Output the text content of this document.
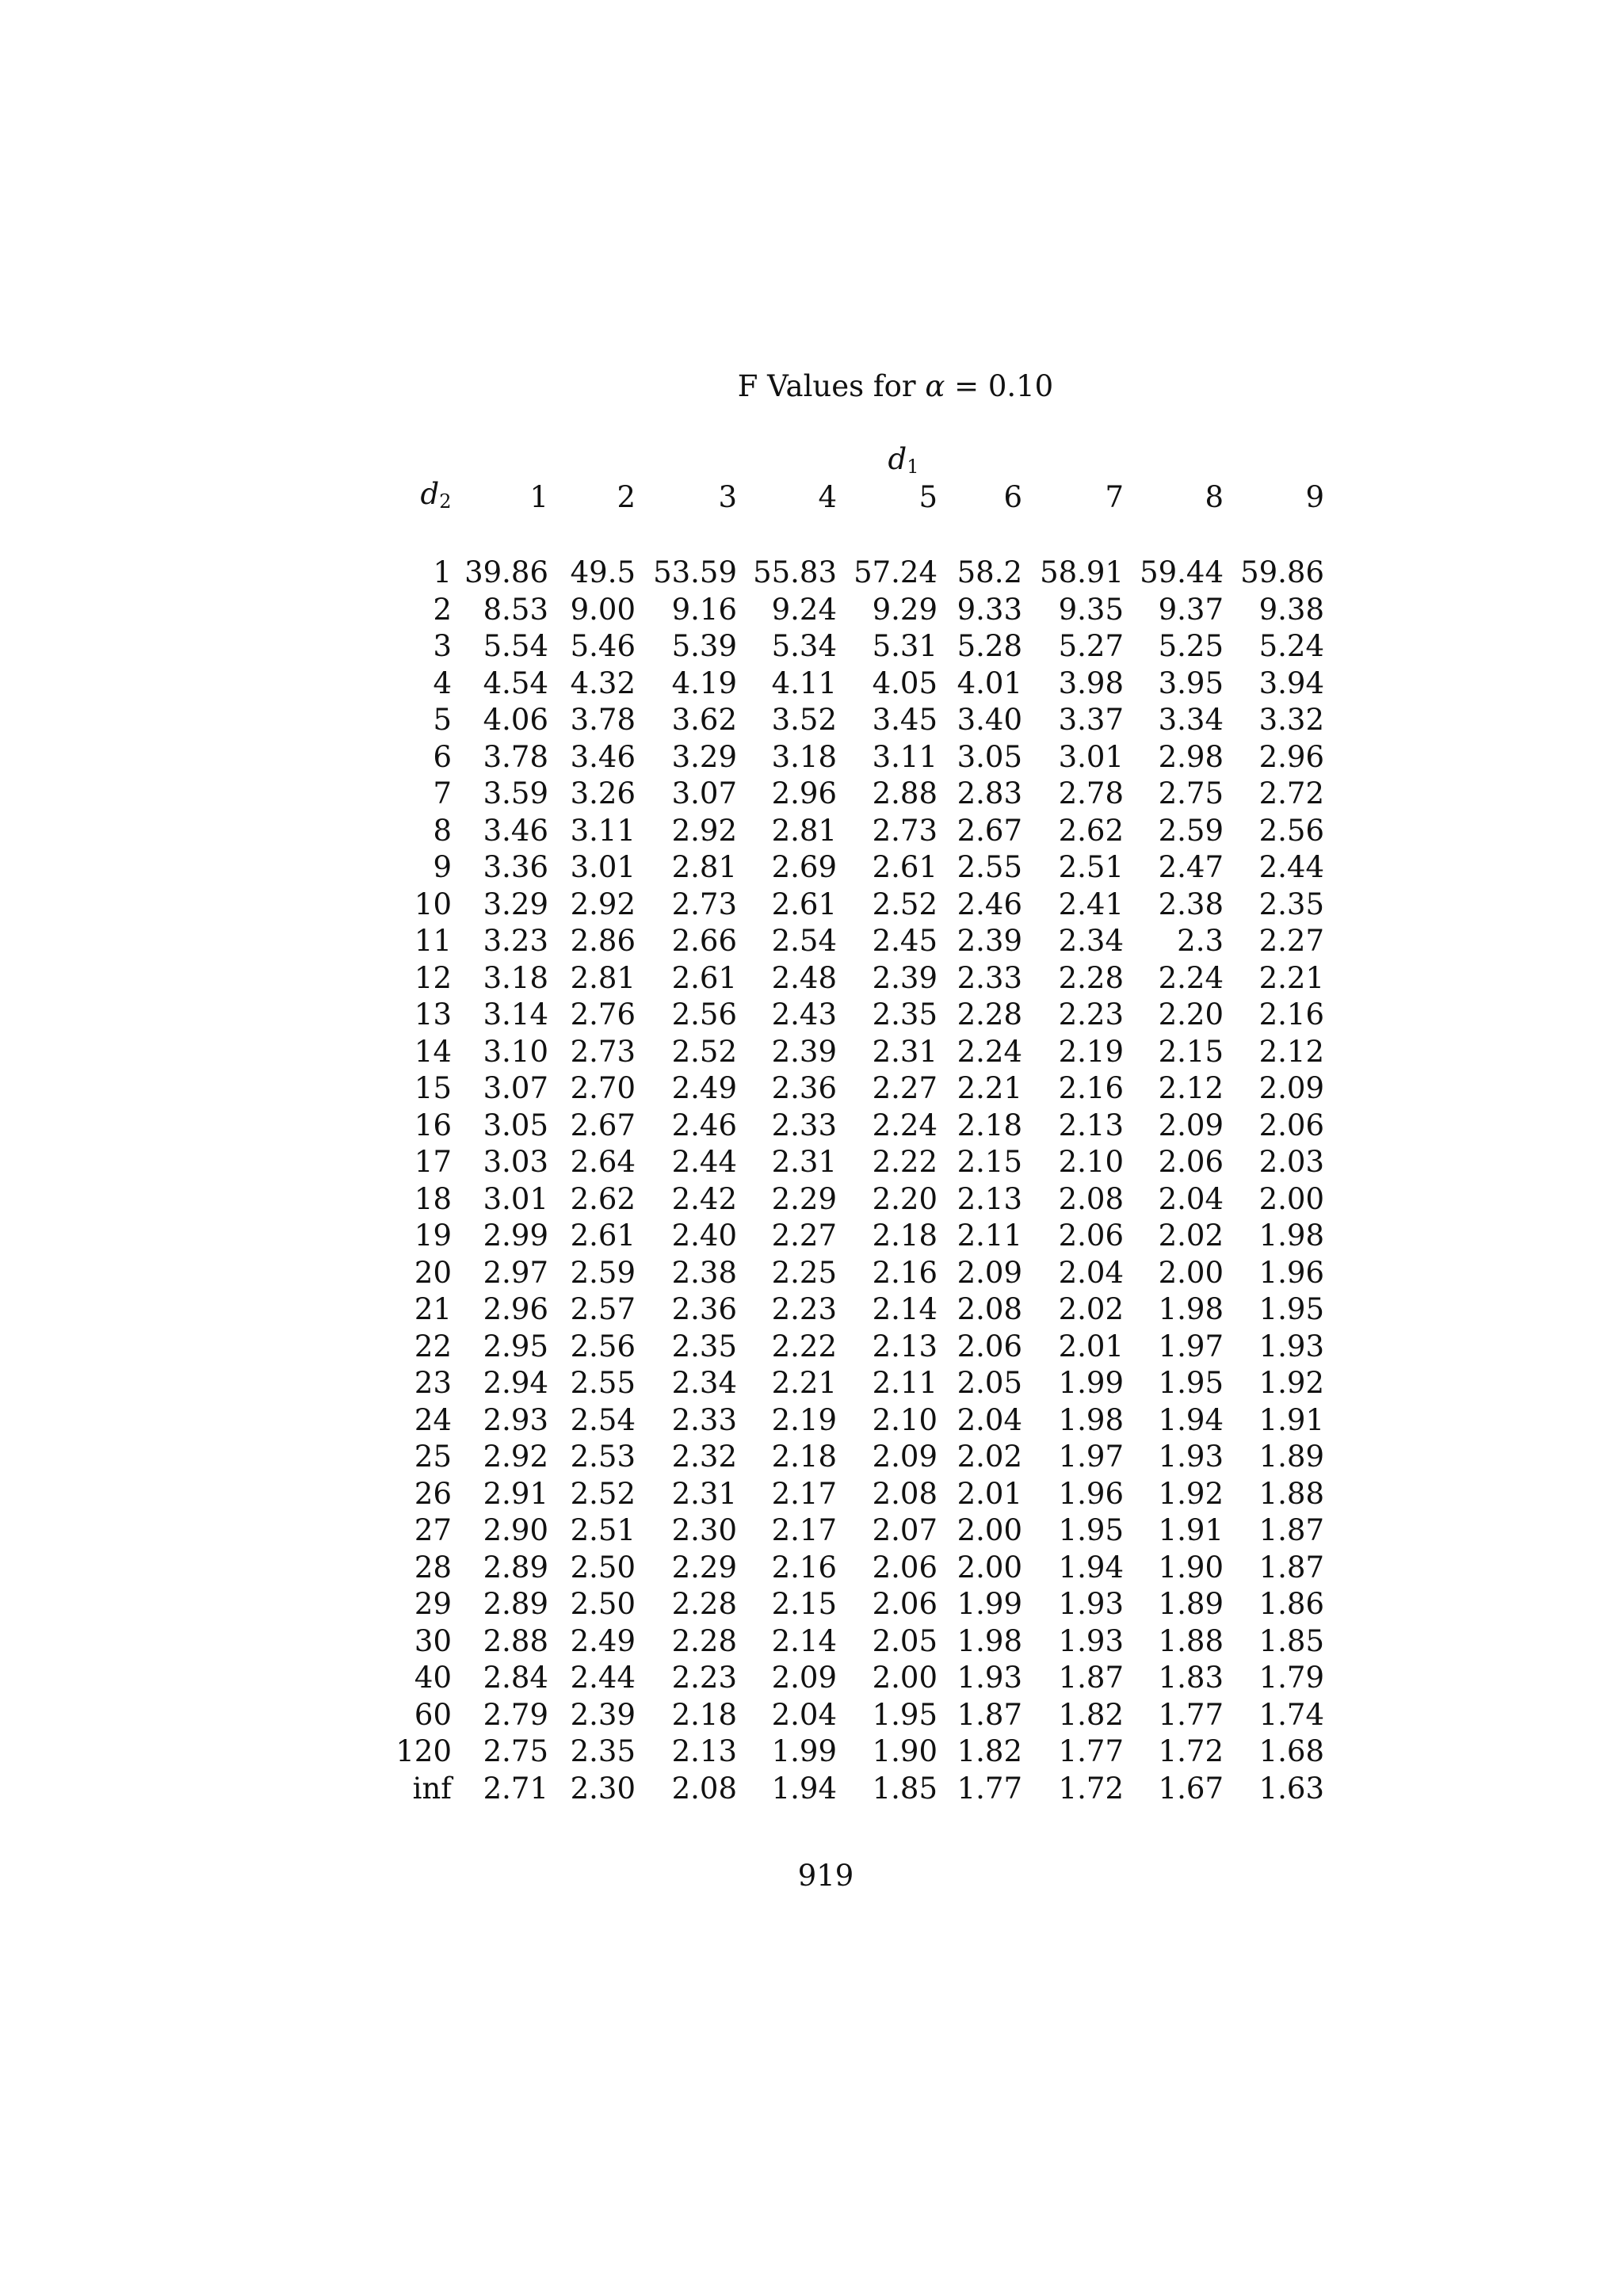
F Values for α = 0.10
$d_1$
$d_2$	1 2	3	4	5 6	7	8	9
1 39.86 49.5 53.59 55.83 57.24 58.2 58.91 59.44 59.86
2 8.53 9.00 9.16 9.24 9.29 9.33 9.35 9.37 9.38
3 5.54 5.46 5.39 5.34 5.31 5.28 5.27 5.25 5.24
4 4.54 4.32 4.19 4.11 4.05 4.01 3.98 3.95 3.94
5 4.06 3.78 3.62 3.52 3.45 3.40 3.37 3.34 3.32
6 3.78 3.46 3.29 3.18 3.11 3.05 3.01 2.98 2.96
7 3.59 3.26 3.07 2.96 2.88 2.83 2.78 2.75 2.72
8 3.46 3.11 2.92 2.81 2.73 2.67 2.62 2.59 2.56
9 3.36 3.01 2.81 2.69 2.61 2.55 2.51 2.47 2.44
10 3.29 2.92 2.73 2.61 2.52 2.46 2.41 2.38 2.35
11 3.23 2.86 2.66 2.54 2.45 2.39 2.34 2.3 2.27
12 3.18 2.81 2.61 2.48 2.39 2.33 2.28 2.24 2.21
13 3.14 2.76 2.56 2.43 2.35 2.28 2.23 2.20 2.16
14 3.10 2.73 2.52 2.39 2.31 2.24 2.19 2.15 2.12
15 3.07 2.70 2.49 2.36 2.27 2.21 2.16 2.12 2.09
16 3.05 2.67 2.46 2.33 2.24 2.18 2.13 2.09 2.06
17 3.03 2.64 2.44 2.31 2.22 2.15 2.10 2.06 2.03
18 3.01 2.62 2.42 2.29 2.20 2.13 2.08 2.04 2.00
19 2.99 2.61 2.40 2.27 2.18 2.11 2.06 2.02 1.98
20 2.97 2.59 2.38 2.25 2.16 2.09 2.04 2.00 1.96
21 2.96 2.57 2.36 2.23 2.14 2.08 2.02 1.98 1.95
22 2.95 2.56 2.35 2.22 2.13 2.06 2.01 1.97 1.93
23 2.94 2.55 2.34 2.21 2.11 2.05 1.99 1.95 1.92
24 2.93 2.54 2.33 2.19 2.10 2.04 1.98 1.94 1.91
25 2.92 2.53 2.32 2.18 2.09 2.02 1.97 1.93 1.89
26 2.91 2.52 2.31 2.17 2.08 2.01 1.96 1.92 1.88
27 2.90 2.51 2.30 2.17 2.07 2.00 1.95 1.91 1.87
28 2.89 2.50 2.29 2.16 2.06 2.00 1.94 1.90 1.87
29 2.89 2.50 2.28 2.15 2.06 1.99 1.93 1.89 1.86
30 2.88 2.49 2.28 2.14 2.05 1.98 1.93 1.88 1.85
40 2.84 2.44 2.23 2.09 2.00 1.93 1.87 1.83 1.79
60 2.79 2.39 2.18 2.04 1.95 1.87 1.82 1.77 1.74
120 2.75 2.35 2.13 1.99 1.90 1.82 1.77 1.72 1.68
inf 2.71 2.30 2.08 1.94 1.85 1.77 1.72 1.67 1.63
919
